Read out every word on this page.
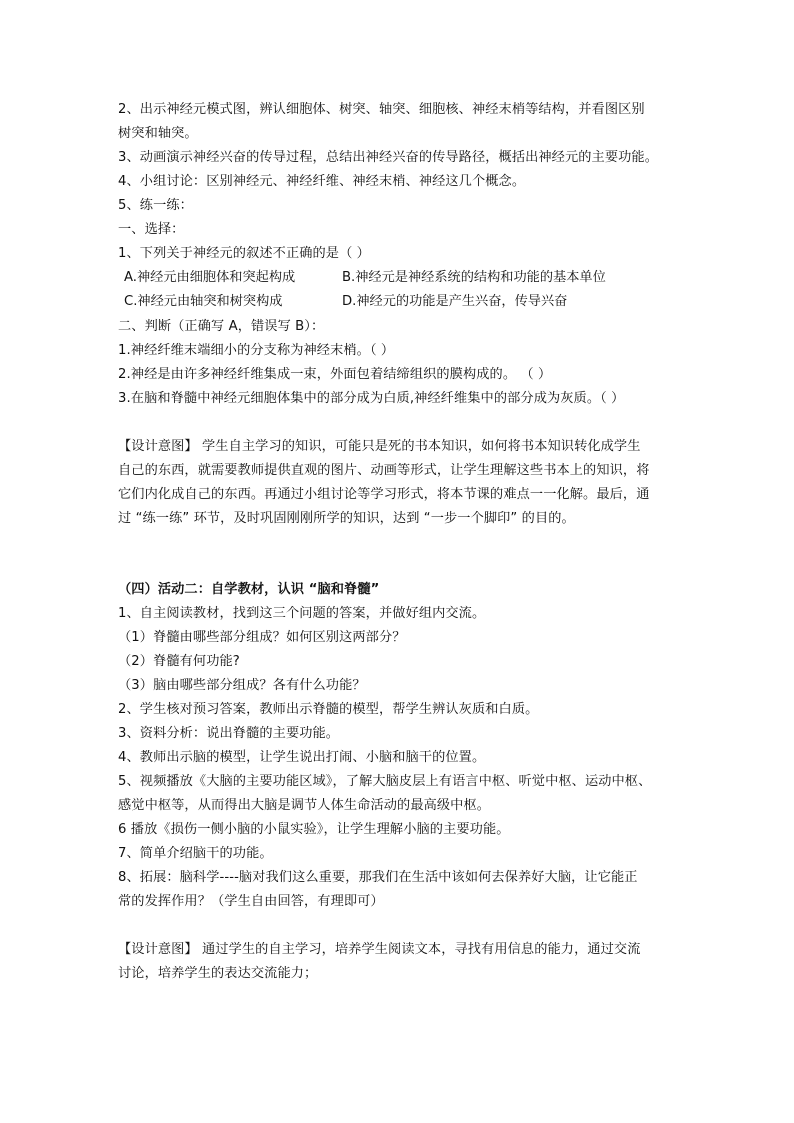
2、出示神经元模式图，辨认细胞体、树突、轴突、细胞核、神经末梢等结构，并看图区别
树突和轴突。
3、动画演示神经兴奋的传导过程，总结出神经兴奋的传导路径，概括出神经元的主要功能。
4、小组讨论：区别神经元、神经纤维、神经末梢、神经这几个概念。
5、练一练：
一、选择：
1、下列关于神经元的叙述不正确的是（ ）
A.神经元由细胞体和突起构成	B.神经元是神经系统的结构和功能的基本单位
C.神经元由轴突和树突构成	D.神经元的功能是产生兴奋，传导兴奋
二、判断（正确写 A，错误写 B）：
1.神经纤维末端细小的分支称为神经末梢。（ ）
2.神经是由许多神经纤维集成一束，外面包着结缔组织的膜构成的。 （ ）
3.在脑和脊髓中神经元细胞体集中的部分成为白质,神经纤维集中的部分成为灰质。（ ）
【设计意图】 学生自主学习的知识，可能只是死的书本知识，如何将书本知识转化成学生
自己的东西，就需要教师提供直观的图片、动画等形式，让学生理解这些书本上的知识，将
它们内化成自己的东西。再通过小组讨论等学习形式，将本节课的难点一一化解。最后，通
过 “练一练” 环节，及时巩固刚刚所学的知识，达到 “一步一个脚印” 的目的。
（四）活动二：自学教材，认识 “脑和脊髓”
1、自主阅读教材，找到这三个问题的答案，并做好组内交流。
（1）脊髓由哪些部分组成？如何区别这两部分？
（2）脊髓有何功能?
（3）脑由哪些部分组成？各有什么功能？
2、学生核对预习答案，教师出示脊髓的模型，帮学生辨认灰质和白质。
3、资料分析：说出脊髓的主要功能。
4、教师出示脑的模型，让学生说出打闹、小脑和脑干的位置。
5、视频播放《大脑的主要功能区域》，了解大脑皮层上有语言中枢、听觉中枢、运动中枢、
感觉中枢等，从而得出大脑是调节人体生命活动的最高级中枢。
6 播放《损伤一侧小脑的小鼠实验》，让学生理解小脑的主要功能。
7、简单介绍脑干的功能。
8、拓展：脑科学----脑对我们这么重要，那我们在生活中该如何去保养好大脑，让它能正
常的发挥作用？（学生自由回答，有理即可）
【设计意图】 通过学生的自主学习，培养学生阅读文本，寻找有用信息的能力，通过交流
讨论，培养学生的表达交流能力；
